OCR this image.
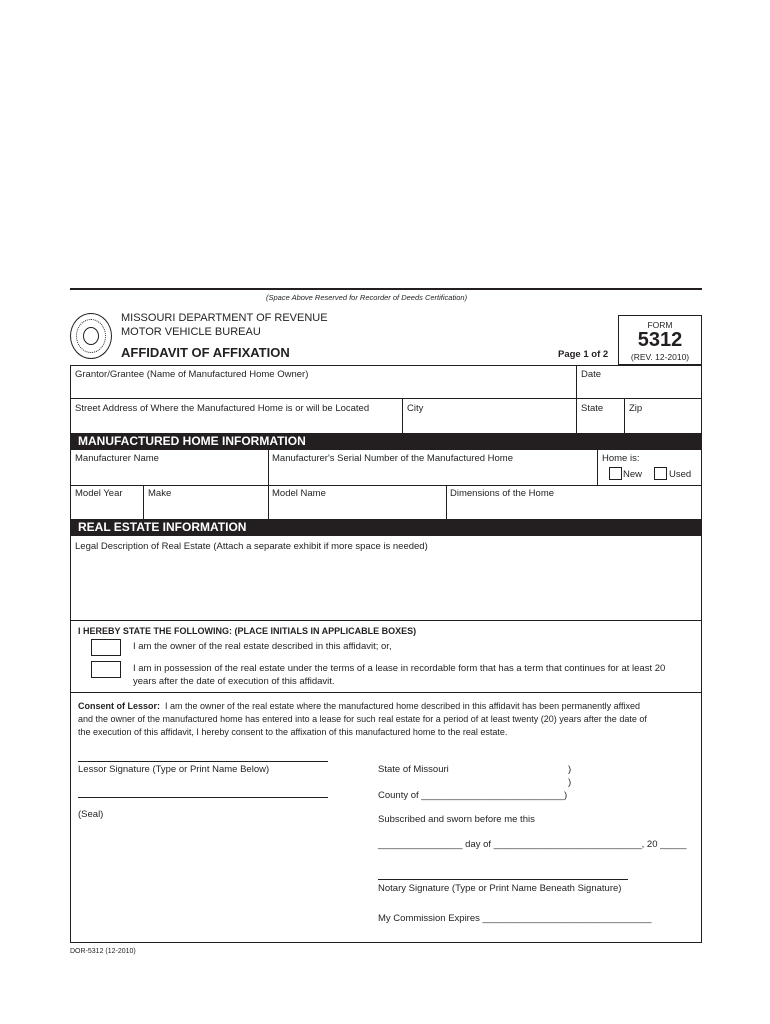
(Space Above Reserved for Recorder of Deeds Certification)
MISSOURI DEPARTMENT OF REVENUE
MOTOR VEHICLE BUREAU
AFFIDAVIT OF AFFIXATION	Page 1 of 2
FORM
5312
(REV. 12-2010)
Grantor/Grantee (Name of Manufactured Home Owner)	Date
Street Address of Where the Manufactured Home is or will be Located	City	State	Zip
MANUFACTURED HOME INFORMATION
Manufacturer Name	Manufacturer's Serial Number of the Manufactured Home	Home is:
New	Used
Model Year	Make	Model Name	Dimensions of the Home
REAL ESTATE INFORMATION
Legal Description of Real Estate (Attach a separate exhibit if more space is needed)
I HEREBY STATE THE FOLLOWING: (PLACE INITIALS IN APPLICABLE BOXES)
I am the owner of the real estate described in this affidavit; or,
I am in possession of the real estate under the terms of a lease in recordable form that has a term that continues for at least 20
years after the date of execution of this affidavit.
Consent of Lessor: I am the owner of the real estate where the manufactured home described in this affidavit has been permanently affixed
and the owner of the manufactured home has entered into a lease for such real estate for a period of at least twenty (20) years after the date of
the execution of this affidavit, I hereby consent to the affixation of this manufactured home to the real estate.
Lessor Signature (Type or Print Name Below)
(Seal)
State of Missouri	)
)
County of ___________________________)
Subscribed and sworn before me this
________________ day of ____________________________, 20 _____
Notary Signature (Type or Print Name Beneath Signature)
My Commission Expires ________________________________
DOR-5312 (12-2010)
